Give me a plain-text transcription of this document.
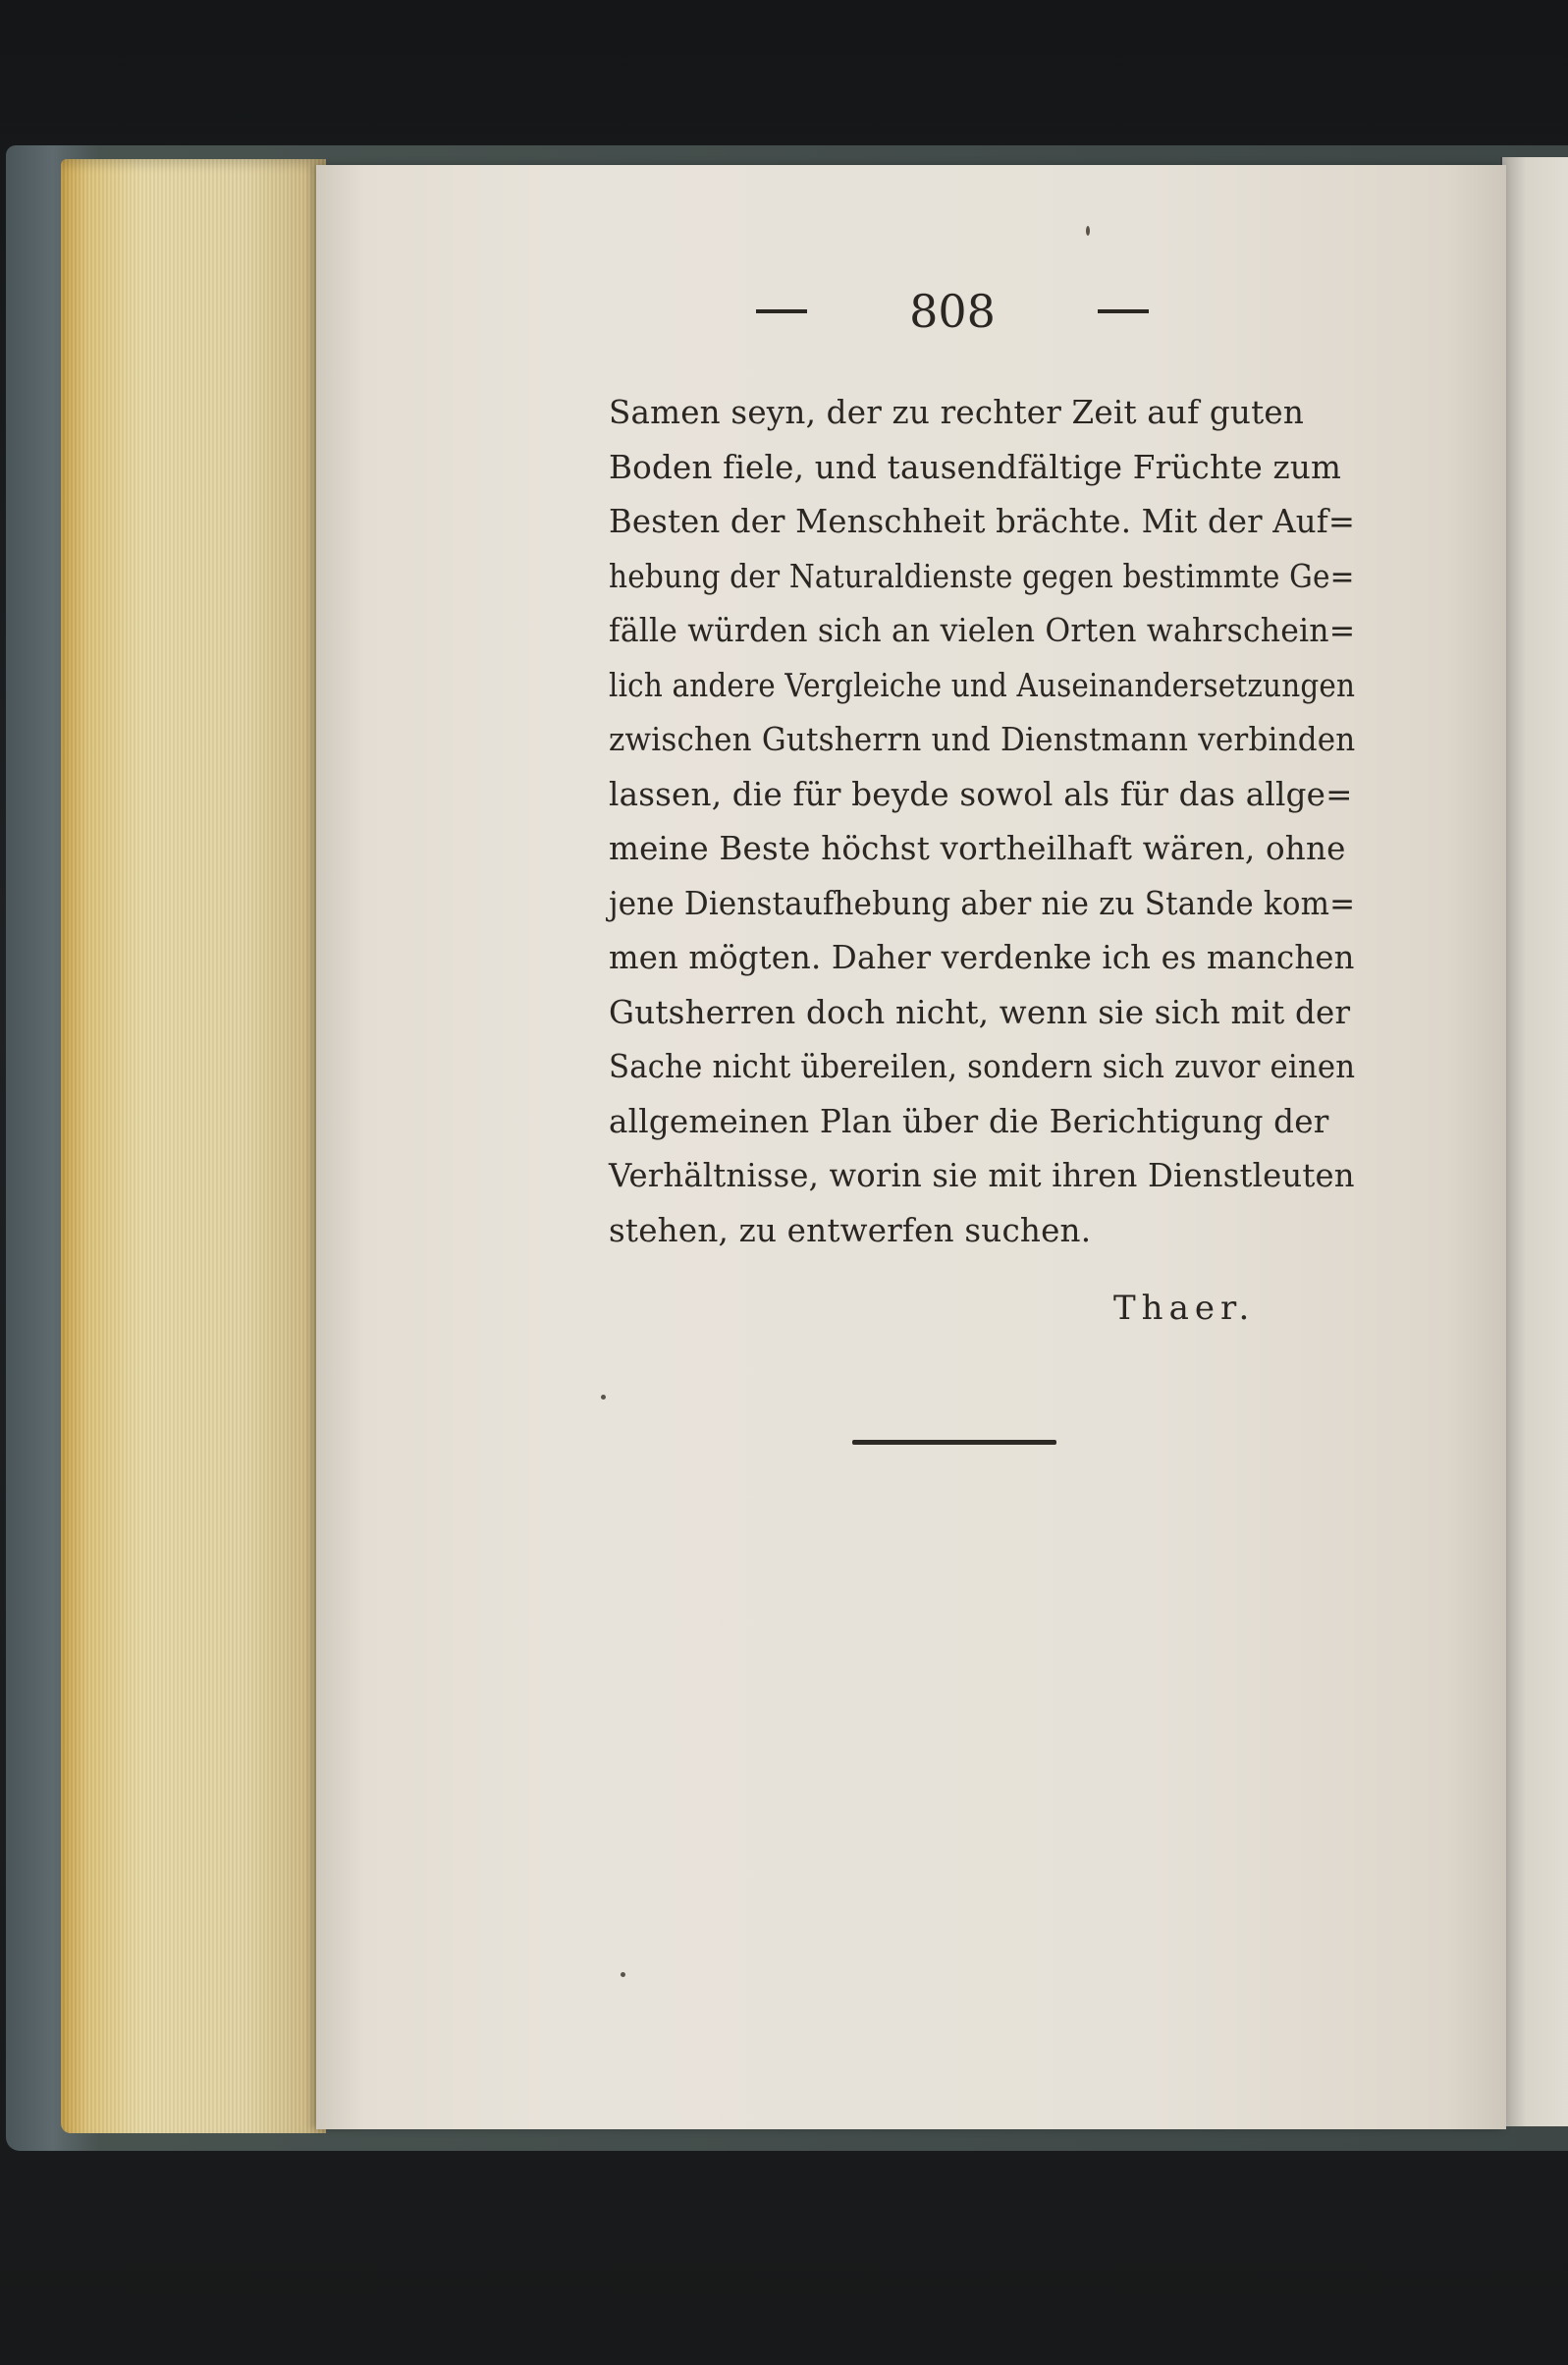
808
Samen seyn, der zu rechter Zeit auf guten
Boden fiele, und tausendfältige Früchte zum
Besten der Menschheit brächte. Mit der Auf=
hebung der Naturaldienste gegen bestimmte Ge=
fälle würden sich an vielen Orten wahrschein=
lich andere Vergleiche und Auseinandersetzungen
zwischen Gutsherrn und Dienstmann verbinden
lassen, die für beyde sowol als für das allge=
meine Beste höchst vortheilhaft wären, ohne
jene Dienstaufhebung aber nie zu Stande kom=
men mögten. Daher verdenke ich es manchen
Gutsherren doch nicht, wenn sie sich mit der
Sache nicht übereilen, sondern sich zuvor einen
allgemeinen Plan über die Berichtigung der
Verhältnisse, worin sie mit ihren Dienstleuten
stehen, zu entwerfen suchen.
Thaer.
